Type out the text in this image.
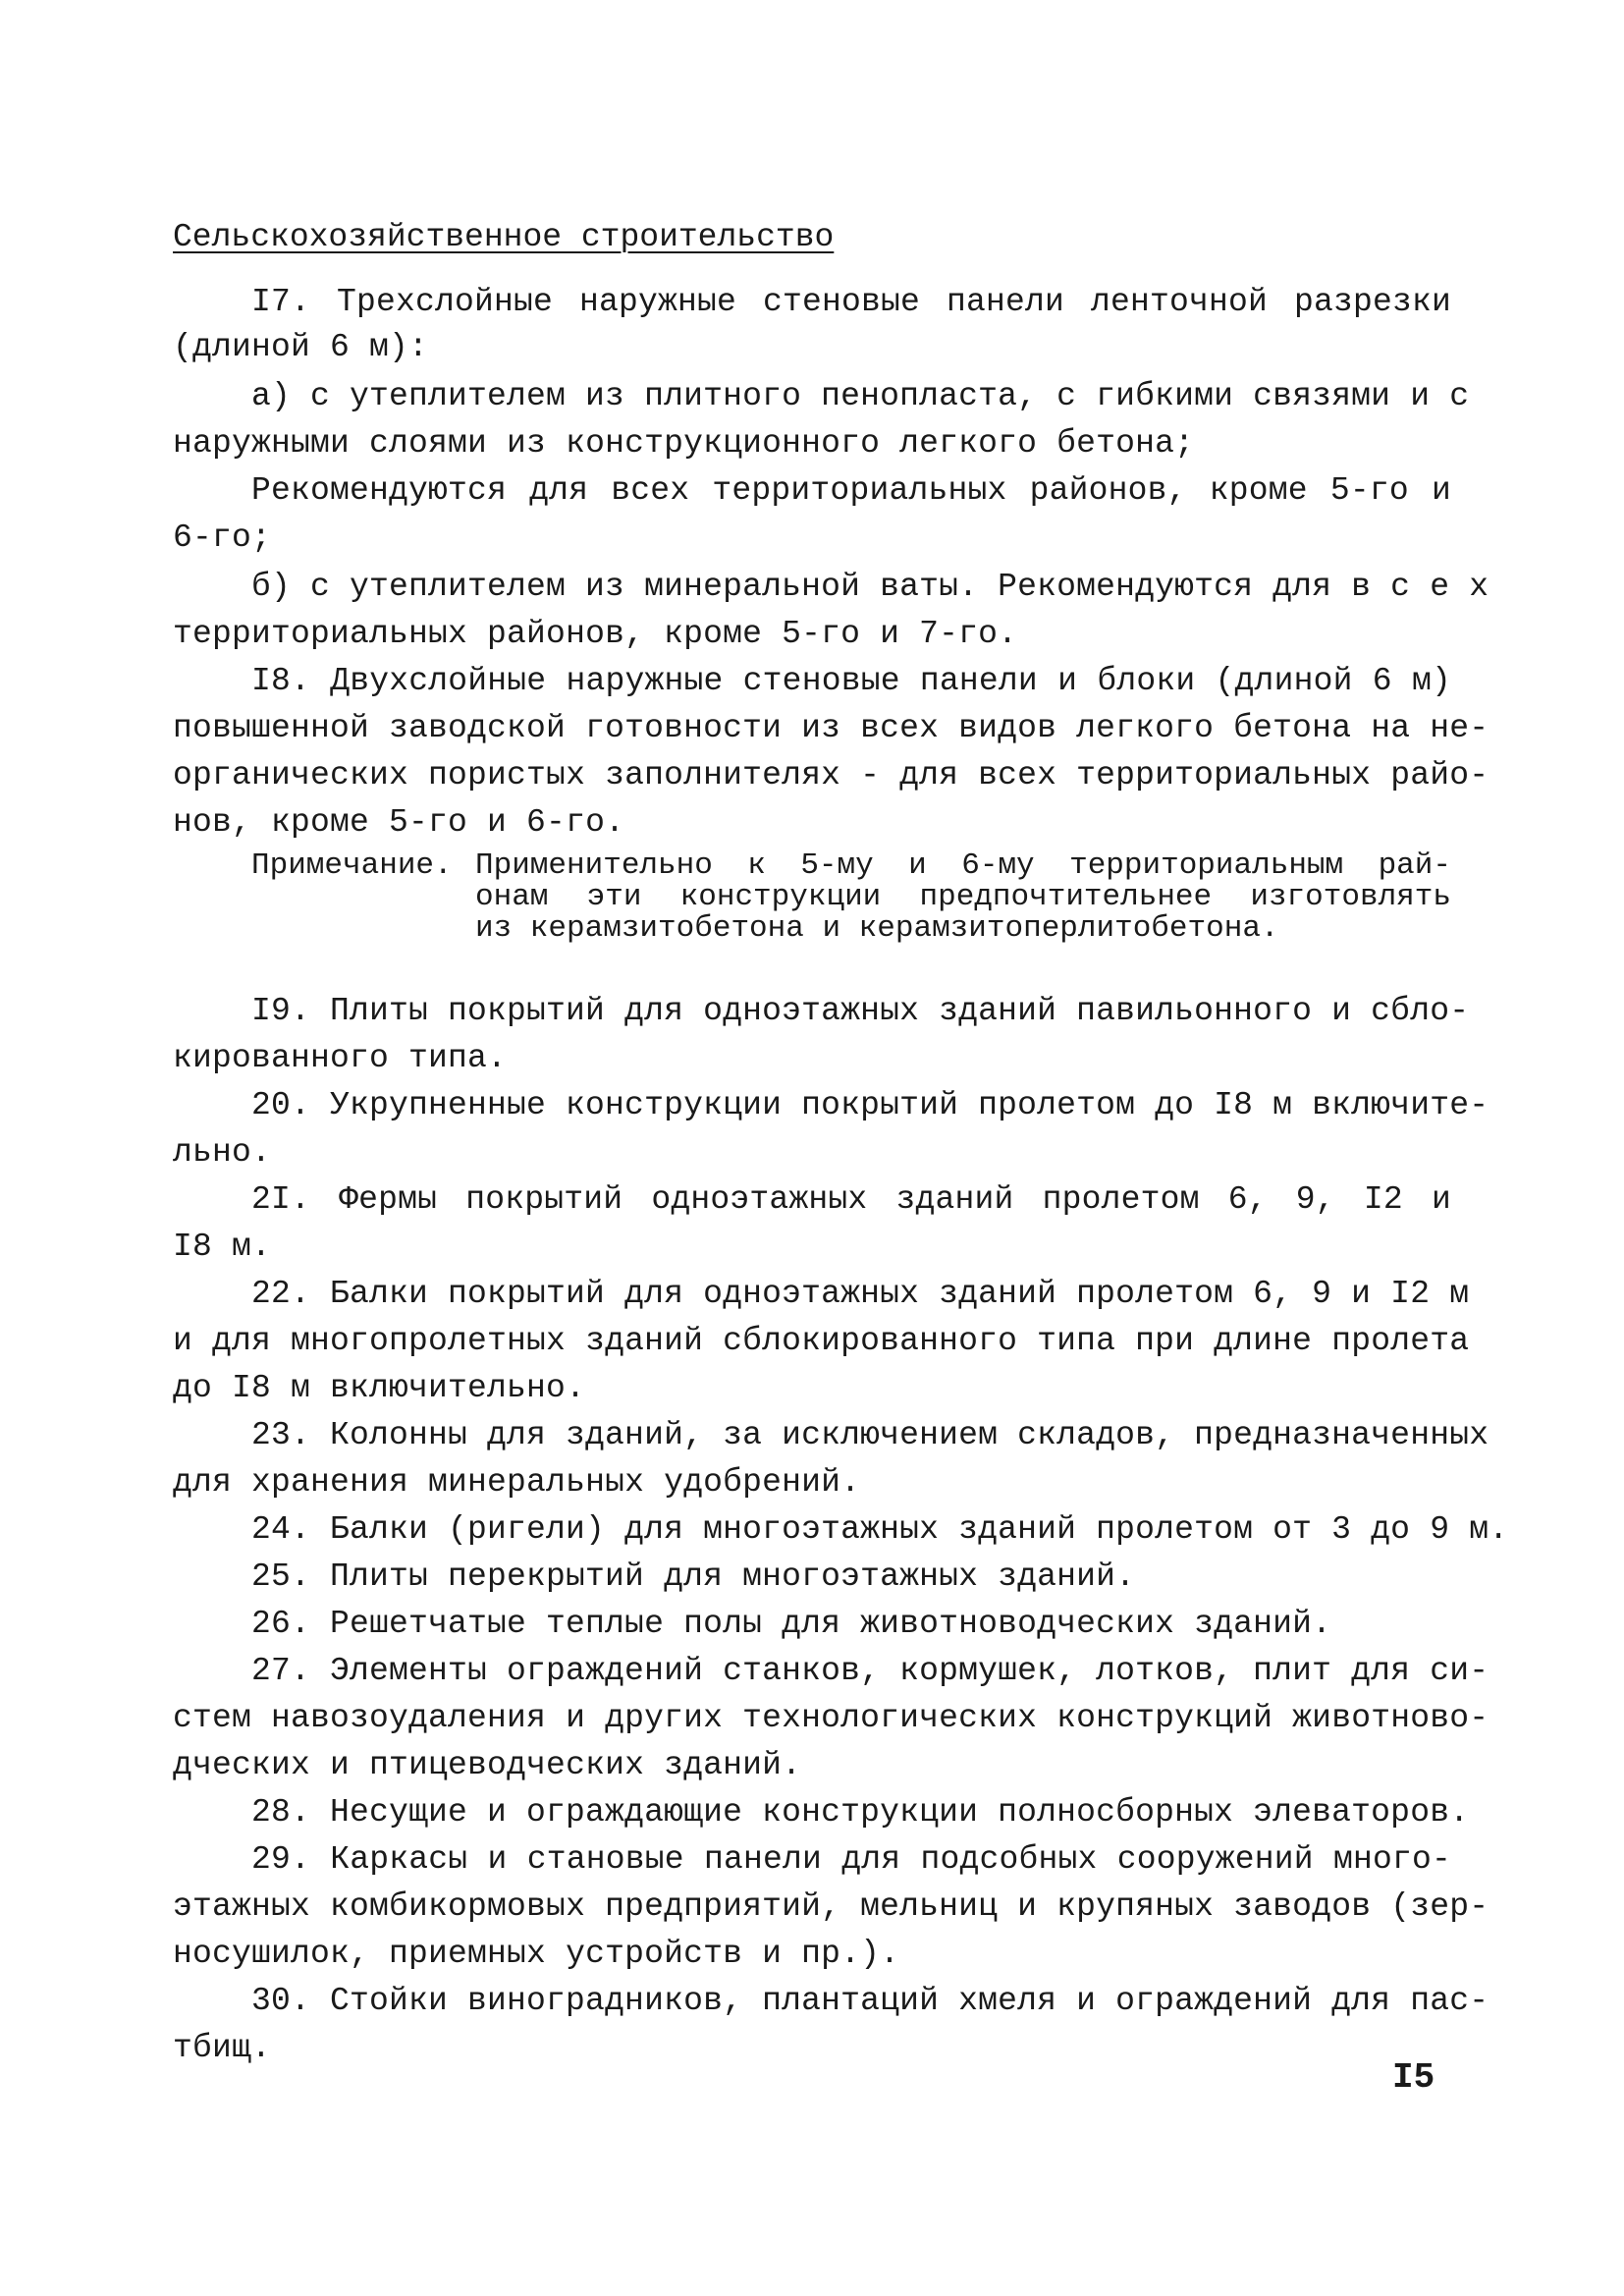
Сельскохозяйственное строительство
I7. Трехслойные наружные стеновые панели ленточной разрезки
(длиной 6 м):
а) с утеплителем из плитного пенопласта, с гибкими связями и с
наружными слоями из конструкционного легкого бетона;
Рекомендуются для всех территориальных районов, кроме 5-го и
6-го;
б) с утеплителем из минеральной ваты. Рекомендуются для в с е х
территориальных районов, кроме 5-го и 7-го.
I8. Двухслойные наружные стеновые панели и блоки (длиной 6 м)
повышенной заводской готовности из всех видов легкого бетона на не-
органических пористых заполнителях - для всех территориальных райо-
нов, кроме 5-го и 6-го.
Примечание. Применительно к 5-му и 6-му территориальным рай-
онам эти конструкции предпочтительнее изготовлять
из керамзитобетона и керамзитоперлитобетона.
I9. Плиты покрытий для одноэтажных зданий павильонного и сбло-
кированного типа.
20. Укрупненные конструкции покрытий пролетом до I8 м включите-
льно.
2I. Фермы покрытий одноэтажных зданий пролетом 6, 9, I2 и
I8 м.
22. Балки покрытий для одноэтажных зданий пролетом 6, 9 и I2 м
и для многопролетных зданий сблокированного типа при длине пролета
до I8 м включительно.
23. Колонны для зданий, за исключением складов, предназначенных
для хранения минеральных удобрений.
24. Балки (ригели) для многоэтажных зданий пролетом от 3 до 9 м.
25. Плиты перекрытий для многоэтажных зданий.
26. Решетчатые теплые полы для животноводческих зданий.
27. Элементы ограждений станков, кормушек, лотков, плит для си-
стем навозоудаления и других технологических конструкций животново-
дческих и птицеводческих зданий.
28. Несущие и ограждающие конструкции полносборных элеваторов.
29. Каркасы и становые панели для подсобных сооружений много-
этажных комбикормовых предприятий, мельниц и крупяных заводов (зер-
носушилок, приемных устройств и пр.).
30. Стойки виноградников, плантаций хмеля и ограждений для пас-
тбищ.
I5
